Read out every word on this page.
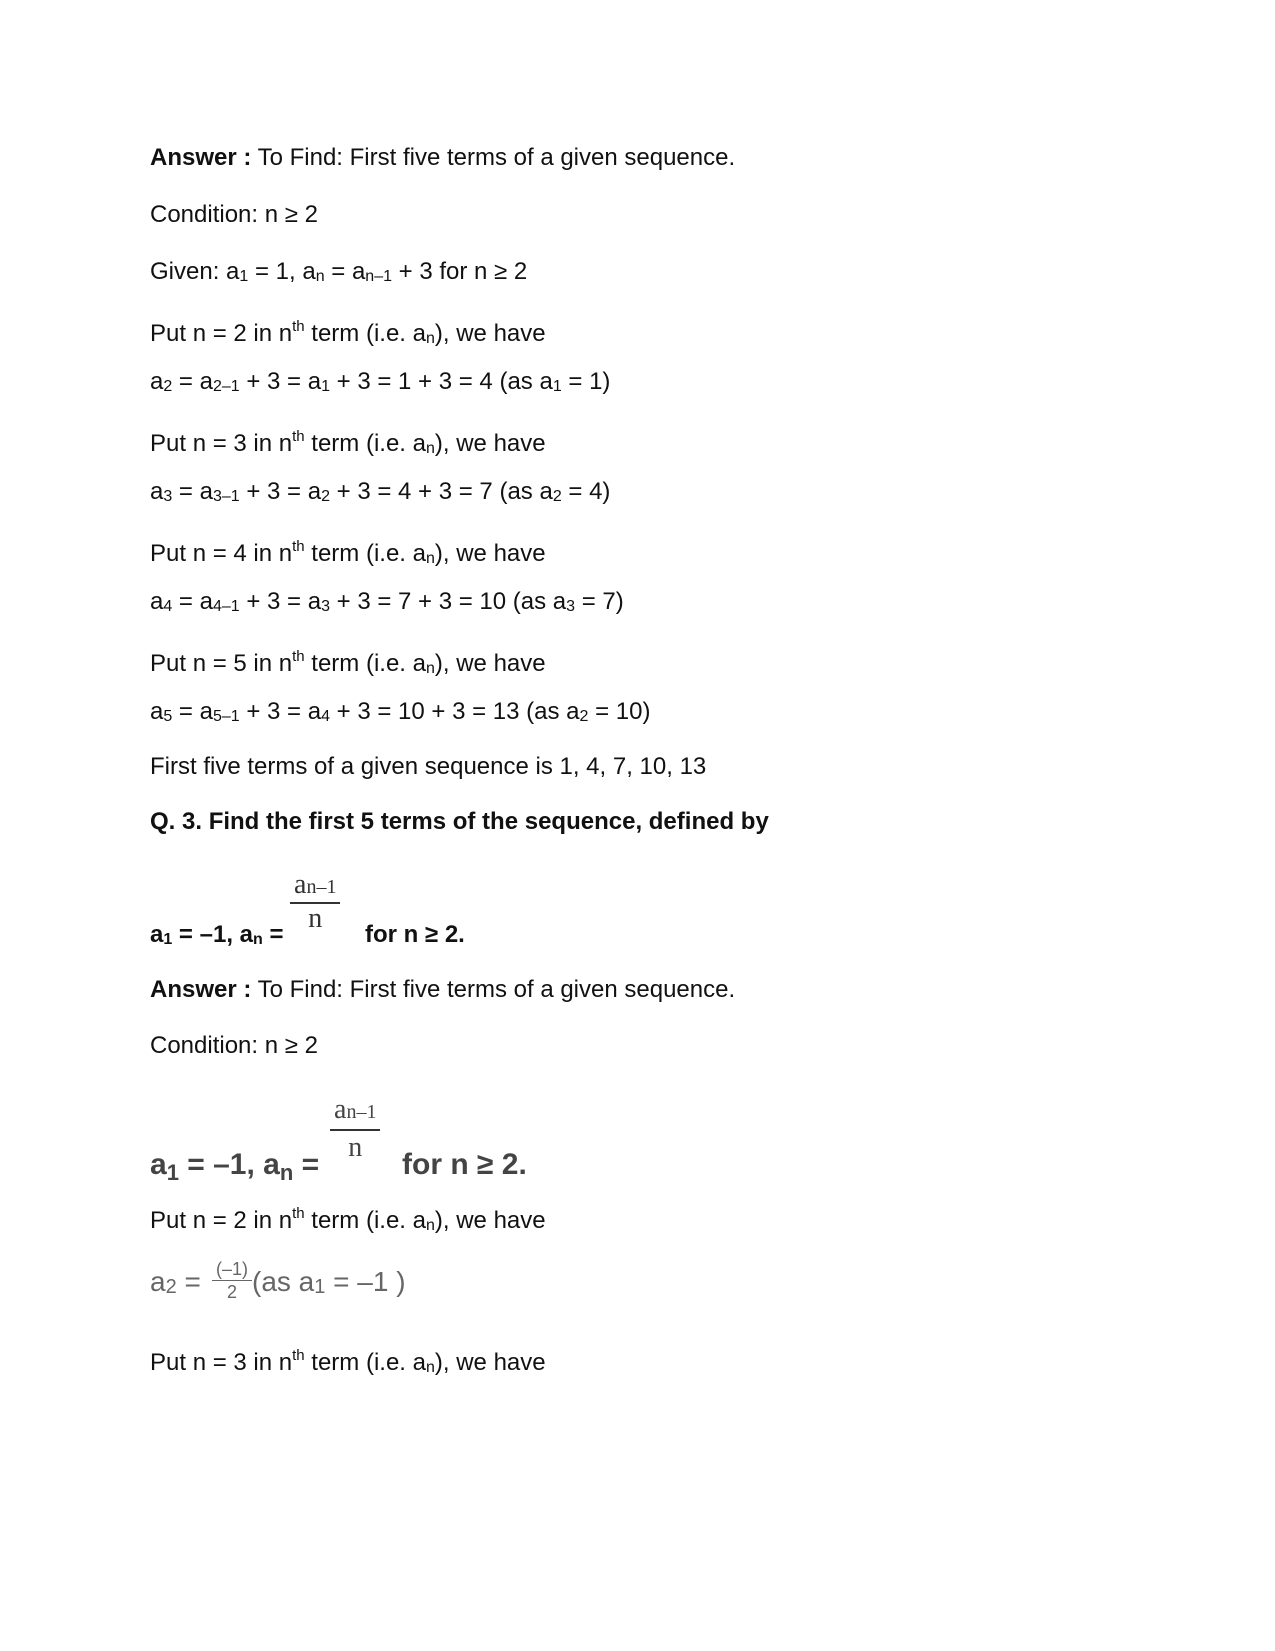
Answer : To Find: First five terms of a given sequence.
Condition: n ≥ 2
Given: a1 = 1, an = an–1 + 3 for n ≥ 2
Put n = 2 in $n^{th}$ term (i.e. an), we have
a2 = a2–1 + 3 = a1 + 3 = 1 + 3 = 4 (as a1 = 1)
Put n = 3 in $n^{th}$ term (i.e. an), we have
a3 = a3–1 + 3 = a2 + 3 = 4 + 3 = 7 (as a2 = 4)
Put n = 4 in $n^{th}$ term (i.e. an), we have
a4 = a4–1 + 3 = a3 + 3 = 7 + 3 = 10 (as a3 = 7)
Put n = 5 in $n^{th}$ term (i.e. an), we have
a5 = a5–1 + 3 = a4 + 3 = 10 + 3 = 13 (as a2 = 10)
First five terms of a given sequence is 1, 4, 7, 10, 13
Q. 3. Find the first 5 terms of the sequence, defined by
a1 = –1, an =
$\frac{an-1}{n}$
for n ≥ 2.
Answer : To Find: First five terms of a given sequence.
Condition: n ≥ 2
$a_1 = -1$, $a_n = \frac{an-1}{n}$ for n ≥ 2.
Put n = 2 in $n^{th}$ term (i.e. an), we have
$a2 = \frac{(-1)}{2} (as$ a1 = –1 )
Put n = 3 in $n^{th}$ term (i.e. an), we have
